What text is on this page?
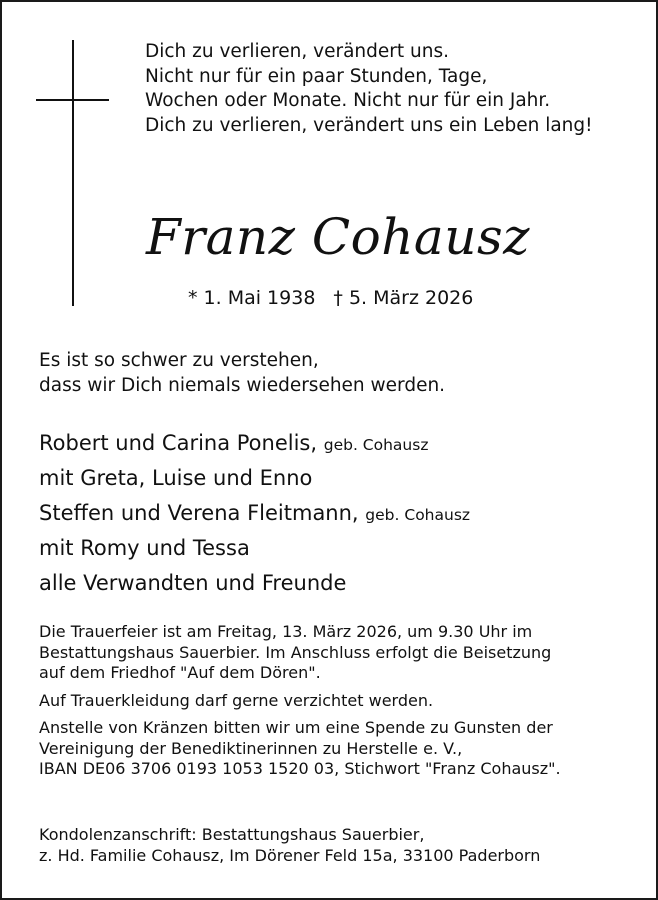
Dich zu verlieren, verändert uns.
Nicht nur für ein paar Stunden, Tage,
Wochen oder Monate. Nicht nur für ein Jahr.
Dich zu verlieren, verändert uns ein Leben lang!
Franz Cohausz
* 1. Mai 1938 † 5. März 2026
Es ist so schwer zu verstehen,
dass wir Dich niemals wiedersehen werden.
Robert und Carina Ponelis, geb. Cohausz
mit Greta, Luise und Enno
Steffen und Verena Fleitmann, geb. Cohausz
mit Romy und Tessa
alle Verwandten und Freunde

Die Trauerfeier ist am Freitag, 13. März 2026, um 9.30 Uhr im

Bestattungshaus Sauerbier. Im Anschluss erfolgt die Beisetzung

auf dem Friedhof "Auf dem Dören".

Auf Trauerkleidung darf gerne verzichtet werden.

Anstelle von Kränzen bitten wir um eine Spende zu Gunsten der

Vereinigung der Benediktinerinnen zu Herstelle e. V.,

IBAN DE06 3706 0193 1053 1520 03, Stichwort "Franz Cohausz".

Kondolenzanschrift: Bestattungshaus Sauerbier,
z. Hd. Familie Cohausz, Im Dörener Feld 15a, 33100 Paderborn
